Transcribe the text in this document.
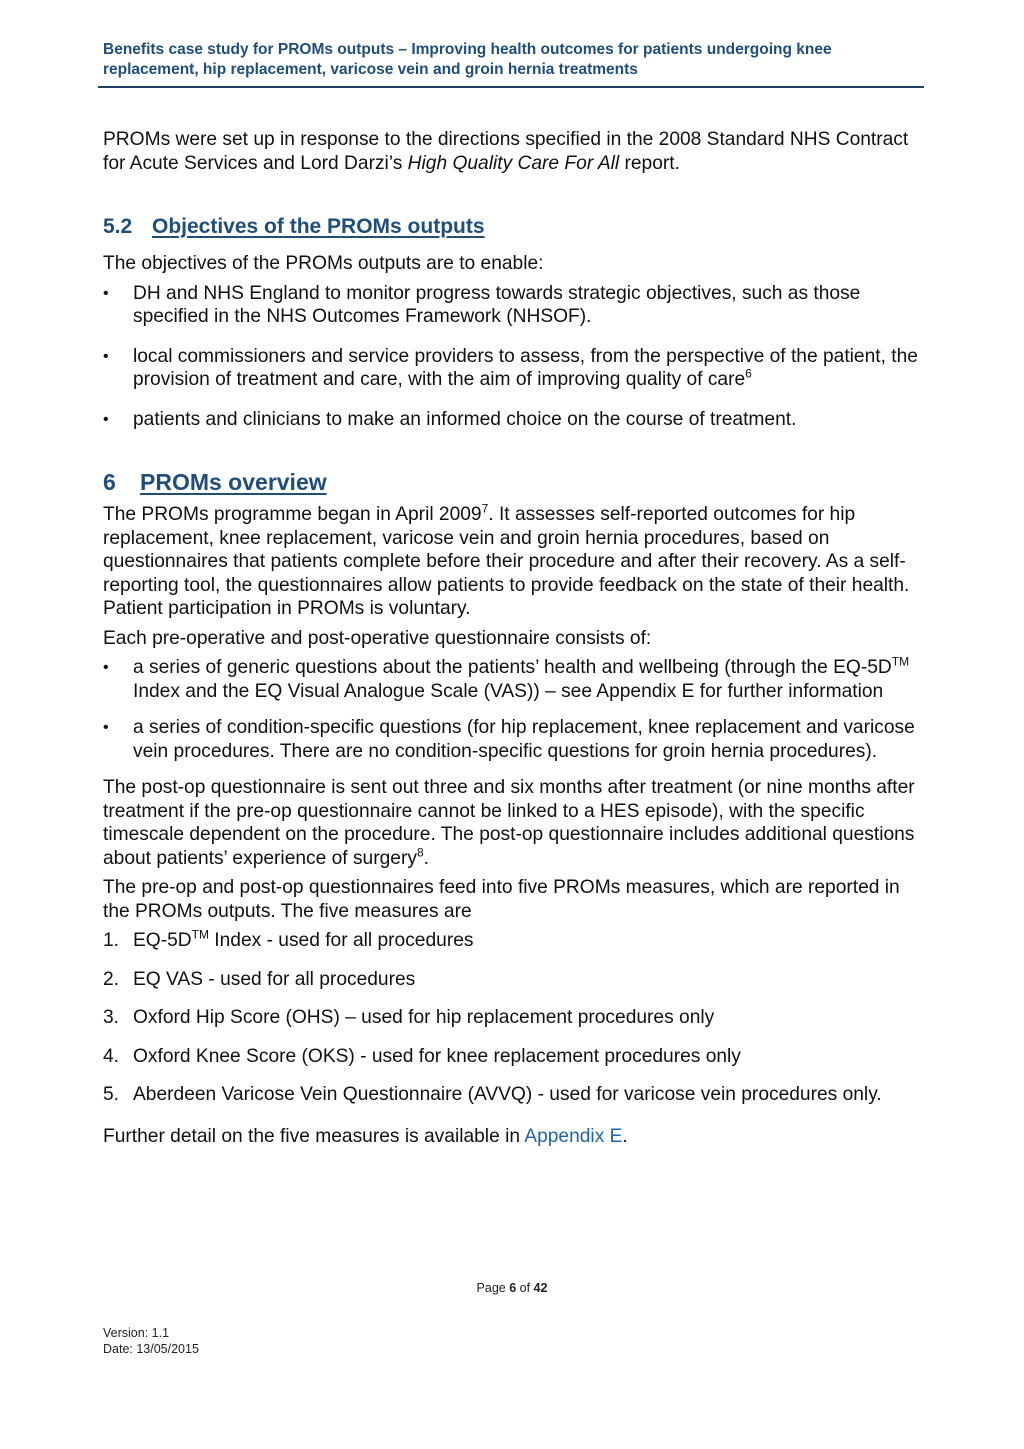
Benefits case study for PROMs outputs – Improving health outcomes for patients undergoing knee replacement, hip replacement, varicose vein and groin hernia treatments

PROMs were set up in response to the directions specified in the 2008 Standard NHS Contract for Acute Services and Lord Darzi’s High Quality Care For All report.

5.2 Objectives of the PROMs outputs

The objectives of the PROMs outputs are to enable:

•	DH and NHS England to monitor progress towards strategic objectives, such as those specified in the NHS Outcomes Framework (NHSOF).
•	local commissioners and service providers to assess, from the perspective of the patient, the provision of treatment and care, with the aim of improving quality of care$^6$
•	patients and clinicians to make an informed choice on the course of treatment.
6 PROMs overview

The PROMs programme began in April 2009$^7$. It assesses self-reported outcomes for hip replacement, knee replacement, varicose vein and groin hernia procedures, based on questionnaires that patients complete before their procedure and after their recovery. As a self-reporting tool, the questionnaires allow patients to provide feedback on the state of their health. Patient participation in PROMs is voluntary.

Each pre-operative and post-operative questionnaire consists of:

•	a series of generic questions about the patients’ health and wellbeing (through the EQ-5D™ Index and the EQ Visual Analogue Scale (VAS)) – see Appendix E for further information
•	a series of condition-specific questions (for hip replacement, knee replacement and varicose vein procedures. There are no condition-specific questions for groin hernia procedures).

The post-op questionnaire is sent out three and six months after treatment (or nine months after treatment if the pre-op questionnaire cannot be linked to a HES episode), with the specific timescale dependent on the procedure. The post-op questionnaire includes additional questions about patients’ experience of surgery$^8$.

The pre-op and post-op questionnaires feed into five PROMs measures, which are reported in the PROMs outputs. The five measures are

1. EQ-5D™ Index - used for all procedures
2. EQ VAS - used for all procedures
3. Oxford Hip Score (OHS) – used for hip replacement procedures only
4. Oxford Knee Score (OKS) - used for knee replacement procedures only
5. Aberdeen Varicose Vein Questionnaire (AVVQ) - used for varicose vein procedures only.

Further detail on the five measures is available in Appendix E.

Page 6 of 42
Version: 1.1
Date: 13/05/2015
